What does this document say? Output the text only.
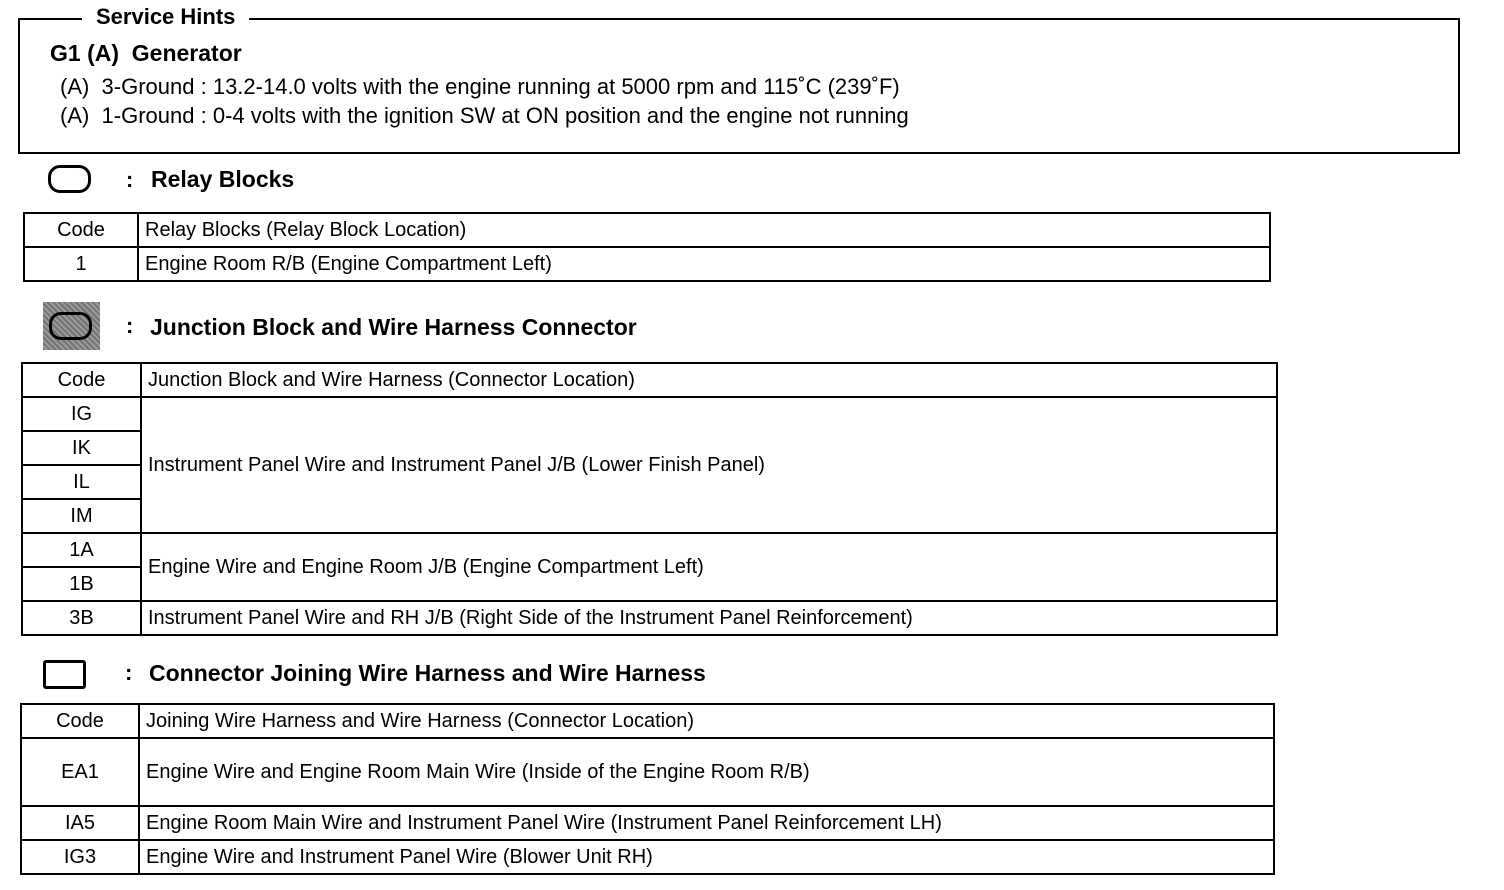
Service Hints
G1 (A)  Generator
(A)  3-Ground : 13.2-14.0 volts with the engine running at 5000 rpm and 115˚C (239˚F)
(A)  1-Ground : 0-4 volts with the ignition SW at ON position and the engine not running
: Relay Blocks
Code	Relay Blocks (Relay Block Location)
1	Engine Room R/B (Engine Compartment Left)
: Junction Block and Wire Harness Connector
Code	Junction Block and Wire Harness (Connector Location)
IG	Instrument Panel Wire and Instrument Panel J/B (Lower Finish Panel)
IK	
IL	
IM	
1A	Engine Wire and Engine Room J/B (Engine Compartment Left)
1B	
3B	Instrument Panel Wire and RH J/B (Right Side of the Instrument Panel Reinforcement)
: Connector Joining Wire Harness and Wire Harness
Code	Joining Wire Harness and Wire Harness (Connector Location)
EA1	Engine Wire and Engine Room Main Wire (Inside of the Engine Room R/B)
IA5	Engine Room Main Wire and Instrument Panel Wire (Instrument Panel Reinforcement LH)
IG3	Engine Wire and Instrument Panel Wire (Blower Unit RH)
